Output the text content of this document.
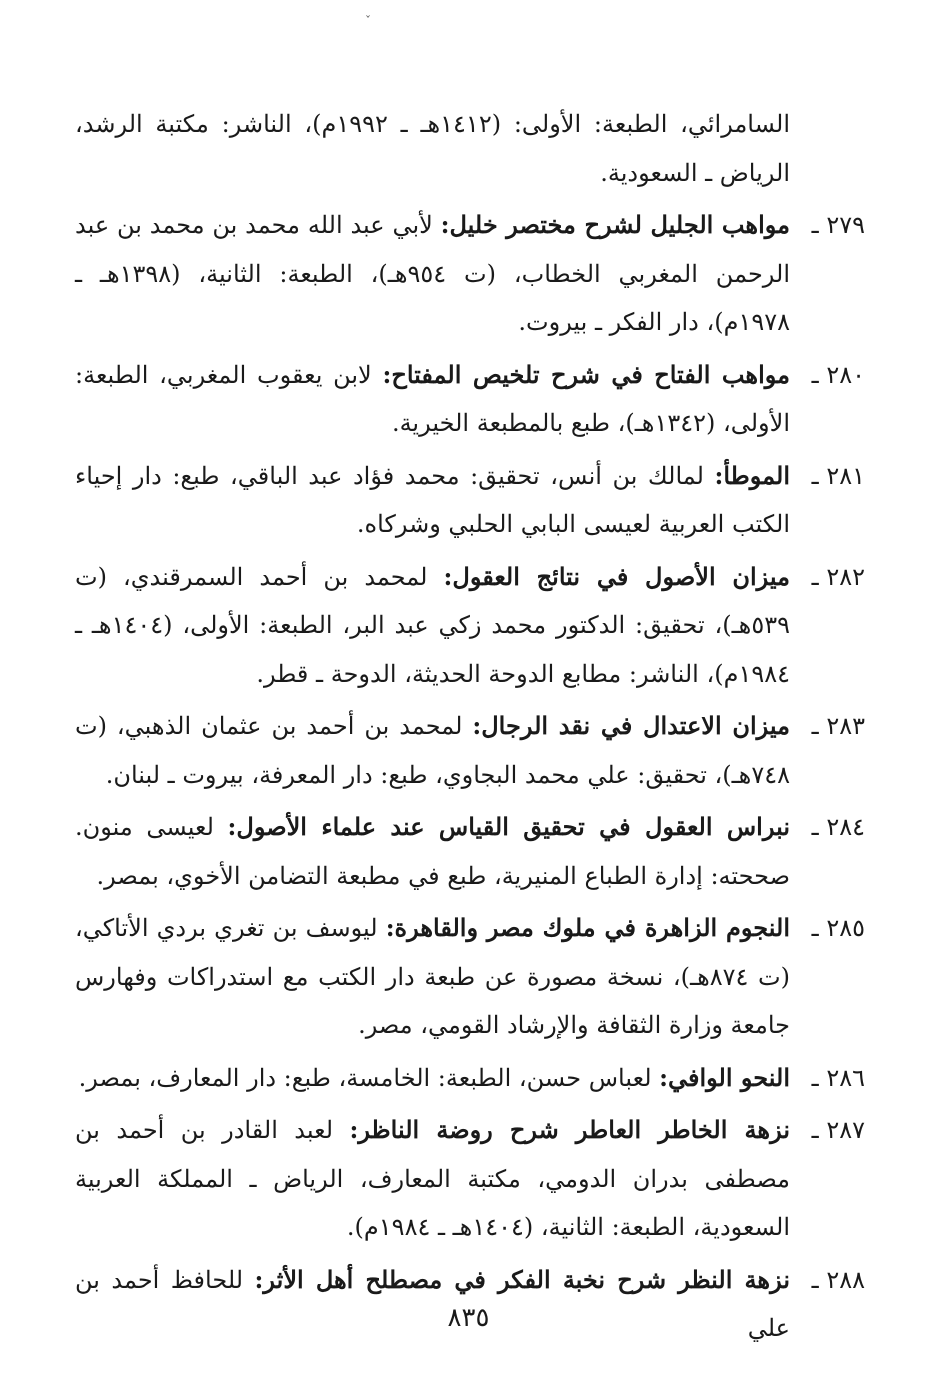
ˇ

السامرائي، الطبعة: الأولى: (١٤١٢هـ ـ ١٩٩٢م)، الناشر: مكتبة الرشد، الرياض ـ السعودية.

٢٧٩ ـ

مواهب الجليل لشرح مختصر خليل: لأبي عبد الله محمد بن محمد بن عبد الرحمن المغربي الخطاب، (ت ٩٥٤هـ)، الطبعة: الثانية، (١٣٩٨هـ ـ ١٩٧٨م)، دار الفكر ـ بيروت.

٢٨٠ ـ

مواهب الفتاح في شرح تلخيص المفتاح: لابن يعقوب المغربي، الطبعة: الأولى، (١٣٤٢هـ)، طبع بالمطبعة الخيرية.

٢٨١ ـ

الموطأ: لمالك بن أنس، تحقيق: محمد فؤاد عبد الباقي، طبع: دار إحياء الكتب العربية لعيسى البابي الحلبي وشركاه.

٢٨٢ ـ

ميزان الأصول في نتائج العقول: لمحمد بن أحمد السمرقندي، (ت ٥٣٩هـ)، تحقيق: الدكتور محمد زكي عبد البر، الطبعة: الأولى، (١٤٠٤هـ ـ ١٩٨٤م)، الناشر: مطابع الدوحة الحديثة، الدوحة ـ قطر.

٢٨٣ ـ

ميزان الاعتدال في نقد الرجال: لمحمد بن أحمد بن عثمان الذهبي، (ت ٧٤٨هـ)، تحقيق: علي محمد البجاوي، طبع: دار المعرفة، بيروت ـ لبنان.

٢٨٤ ـ

نبراس العقول في تحقيق القياس عند علماء الأصول: لعيسى منون. صححته: إدارة الطباع المنيرية، طبع في مطبعة التضامن الأخوي، بمصر.

٢٨٥ ـ

النجوم الزاهرة في ملوك مصر والقاهرة: ليوسف بن تغري بردي الأتاكي، (ت ٨٧٤هـ)، نسخة مصورة عن طبعة دار الكتب مع استدراكات وفهارس جامعة وزارة الثقافة والإرشاد القومي، مصر.

٢٨٦ ـ

النحو الوافي: لعباس حسن، الطبعة: الخامسة، طبع: دار المعارف، بمصر.

٢٨٧ ـ

نزهة الخاطر العاطر شرح روضة الناظر: لعبد القادر بن أحمد بن مصطفى بدران الدومي، مكتبة المعارف، الرياض ـ المملكة العربية السعودية، الطبعة: الثانية، (١٤٠٤هـ ـ ١٩٨٤م).

٢٨٨ ـ

نزهة النظر شرح نخبة الفكر في مصطلح أهل الأثر: للحافظ أحمد بن علي

٨٣٥
